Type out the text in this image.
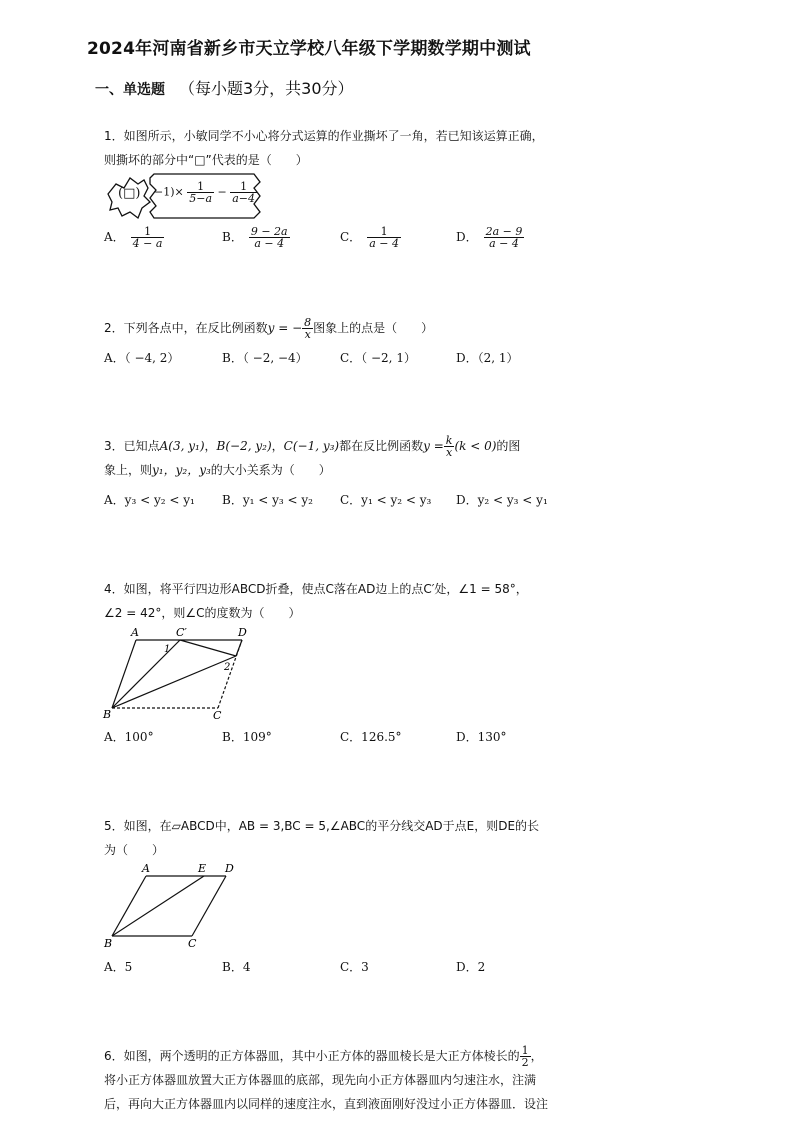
2024年河南省新乡市天立学校八年级下学期数学期中测试
一、单选题 （每小题3分，共30分）
1．如图所示，小敏同学不小心将分式运算的作业撕坏了一角，若已知该运算正确，
则撕坏的部分中“□”代表的是（　　）
(□) $-1)\times \frac{1}{5-a} - \frac{1}{a-4}$
A． $\frac{1}{4 - a}$	B． $\frac{9 - 2a}{a - 4}$	C． $\frac{1}{a - 4}$	D． $\frac{2a - 9}{a - 4}$
2．下列各点中，在反比例函数y = − $\frac{8}{x}$ 图象上的点是（　　）
A．（ −4, 2）	B．（ −2, −4）	C．（ −2, 1）	D．（2, 1）
3．已知点A(3, y₁)，B(−2, y₂)，C(−1, y₃)都在反比例函数$y = \frac{k}{x} (k < 0)$的图
象上，则y₁，y₂，y₃的大小关系为（　　）
A．y₃ < y₂ < y₁ B．y₁ < y₃ < y₂ C．y₁ < y₂ < y₃ D．y₂ < y₃ < y₁
4．如图，将平行四边形ABCD折叠，使点C落在AD边上的点C′处，∠1 = 58°，
∠2 = 42°，则∠C的度数为（　　）
A	C′	D
B	C
1
2
A．100°	B．109°	C．126.5°	D．130°
5．如图，在▱ABCD中，AB = 3,BC = 5,∠ABC的平分线交AD于点E，则DE的长
为（　　）
A	E D
B	C
A．5	B．4	C．3	D．2
6．如图，两个透明的正方体器皿，其中小正方体的器皿棱长是大正方体棱长的 $\frac{1}{2}$ ，
将小正方体器皿放置大正方体器皿的底部，现先向小正方体器皿内匀速注水，注满
后，再向大正方体器皿内以同样的速度注水，直到液面刚好没过小正方体器皿．设注
